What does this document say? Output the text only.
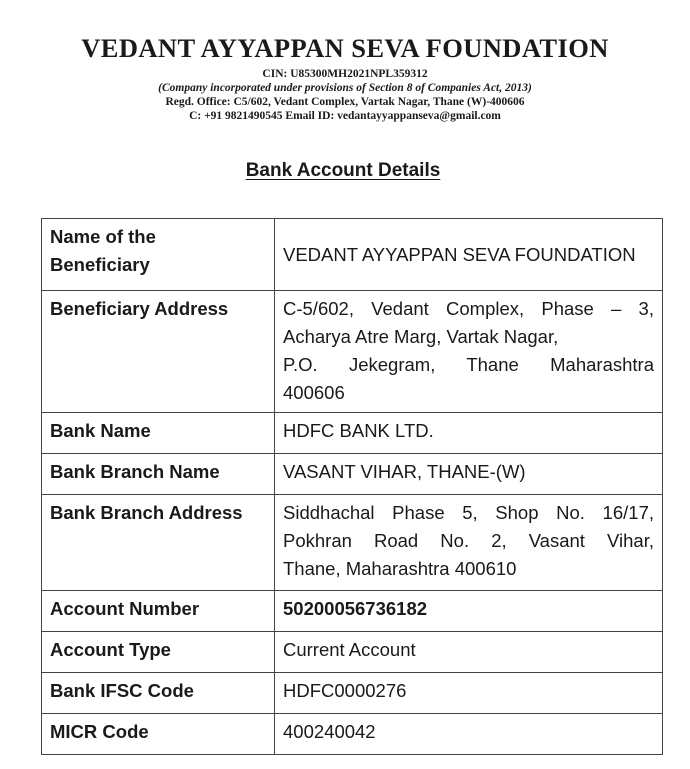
VEDANT AYYAPPAN SEVA FOUNDATION
CIN: U85300MH2021NPL359312
(Company incorporated under provisions of Section 8 of Companies Act, 2013)
Regd. Office: C5/602, Vedant Complex, Vartak Nagar, Thane (W)-400606
C: +91 9821490545 Email ID: vedantayyappanseva@gmail.com
Bank Account Details
Name of the
Beneficiary	VEDANT AYYAPPAN SEVA FOUNDATION
Beneficiary Address	C-5/602, Vedant Complex, Phase – 3,
Acharya Atre Marg, Vartak Nagar,
P.O. Jekegram, Thane Maharashtra
400606

Bank Name	HDFC BANK LTD.
Bank Branch Name	VASANT VIHAR, THANE-(W)
Bank Branch Address	Siddhachal Phase 5, Shop No. 16/17,
Pokhran Road No. 2, Vasant Vihar,
Thane, Maharashtra 400610

Account Number	50200056736182
Account Type	Current Account
Bank IFSC Code	HDFC0000276
MICR Code	400240042
